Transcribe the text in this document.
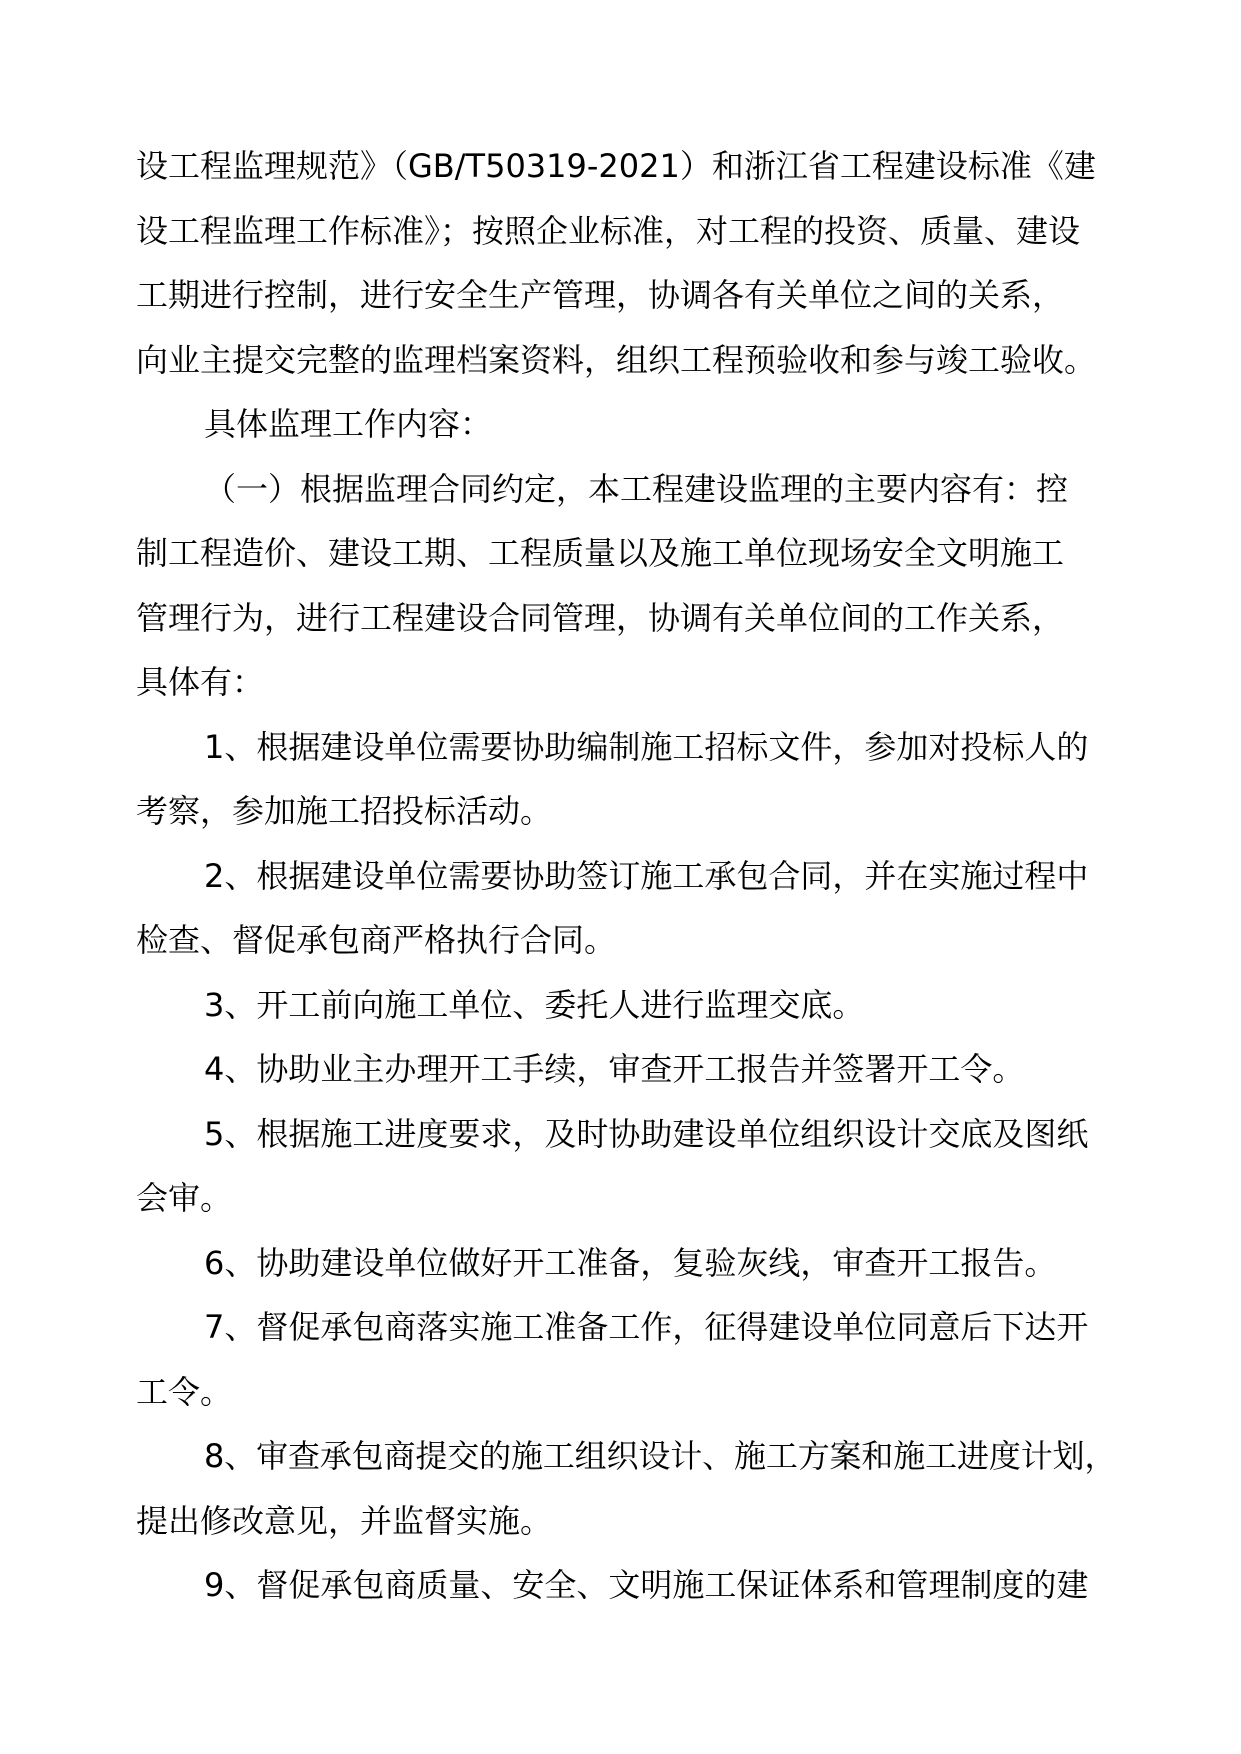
设工程监理规范》（GB/T50319-2021）和浙江省工程建设标准《建
设工程监理工作标准》；按照企业标准，对工程的投资、质量、建设
工期进行控制，进行安全生产管理，协调各有关单位之间的关系，
向业主提交完整的监理档案资料，组织工程预验收和参与竣工验收。
具体监理工作内容：
（一）根据监理合同约定，本工程建设监理的主要内容有：控
制工程造价、建设工期、工程质量以及施工单位现场安全文明施工
管理行为，进行工程建设合同管理，协调有关单位间的工作关系，
具体有：
1、根据建设单位需要协助编制施工招标文件，参加对投标人的
考察，参加施工招投标活动。
2、根据建设单位需要协助签订施工承包合同，并在实施过程中
检查、督促承包商严格执行合同。
3、开工前向施工单位、委托人进行监理交底。
4、协助业主办理开工手续，审查开工报告并签署开工令。
5、根据施工进度要求，及时协助建设单位组织设计交底及图纸
会审。
6、协助建设单位做好开工准备，复验灰线，审查开工报告。
7、督促承包商落实施工准备工作，征得建设单位同意后下达开
工令。
8、审查承包商提交的施工组织设计、施工方案和施工进度计划，
提出修改意见，并监督实施。
9、督促承包商质量、安全、文明施工保证体系和管理制度的建
